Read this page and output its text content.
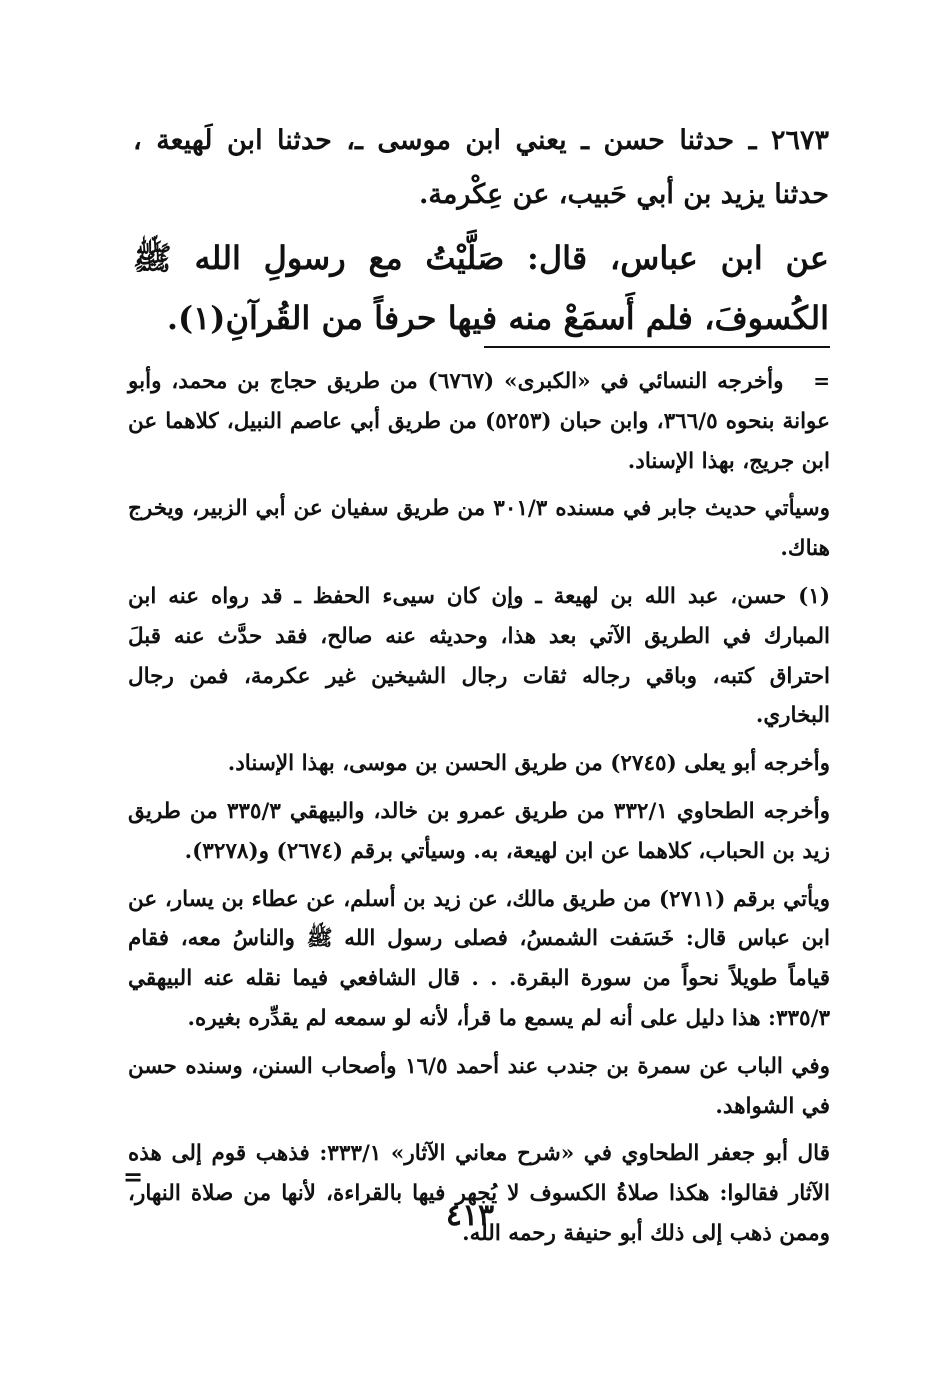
٢٦٧٣ ـ حدثنا حسن ـ يعني ابن موسى ـ، حدثنا ابن لَهيعة ، حدثنا يزيد بن أبي حَبيب، عن عِكْرمة.

عن ابن عباس، قال: صَلَّيْتُ مع رسولِ الله ﷺ الكُسوفَ، فلم أَسمَعْ منه فيها حرفاً من القُرآنِ(١).

=   وأخرجه النسائي في «الكبرى» (٦٧٦٧) من طريق حجاج بن محمد، وأبو عوانة بنحوه ٣٦٦/٥، وابن حبان (٥٢٥٣) من طريق أبي عاصم النبيل، كلاهما عن ابن جريج، بهذا الإسناد.

وسيأتي حديث جابر في مسنده ٣٠١/٣ من طريق سفيان عن أبي الزبير، ويخرج هناك.

(١) حسن، عبد الله بن لهيعة ـ وإن كان سيىء الحفظ ـ قد رواه عنه ابن المبارك في الطريق الآتي بعد هذا، وحديثه عنه صالح، فقد حدَّث عنه قبلَ احتراق كتبه، وباقي رجاله ثقات رجال الشيخين غير عكرمة، فمن رجال البخاري.

وأخرجه أبو يعلى (٢٧٤٥) من طريق الحسن بن موسى، بهذا الإسناد.

وأخرجه الطحاوي ٣٣٢/١ من طريق عمرو بن خالد، والبيهقي ٣٣٥/٣ من طريق زيد بن الحباب، كلاهما عن ابن لهيعة، به. وسيأتي برقم (٢٦٧٤) و(٣٢٧٨).

ويأتي برقم (٢٧١١) من طريق مالك، عن زيد بن أسلم، عن عطاء بن يسار، عن ابن عباس قال: خَسَفت الشمسُ، فصلى رسول الله ﷺ والناسُ معه، فقام قياماً طويلاً نحواً من سورة البقرة. . . قال الشافعي فيما نقله عنه البيهقي ٣٣٥/٣: هذا دليل على أنه لم يسمع ما قرأ، لأنه لو سمعه لم يقدِّره بغيره.

وفي الباب عن سمرة بن جندب عند أحمد ١٦/٥ وأصحاب السنن، وسنده حسن في الشواهد.

قال أبو جعفر الطحاوي في «شرح معاني الآثار» ٣٣٣/١: فذهب قوم إلى هذه الآثار فقالوا: هكذا صلاةُ الكسوف لا يُجهر فيها بالقراءة، لأنها من صلاة النهار، وممن ذهب إلى ذلك أبو حنيفة رحمه الله.

=
٤١٣
